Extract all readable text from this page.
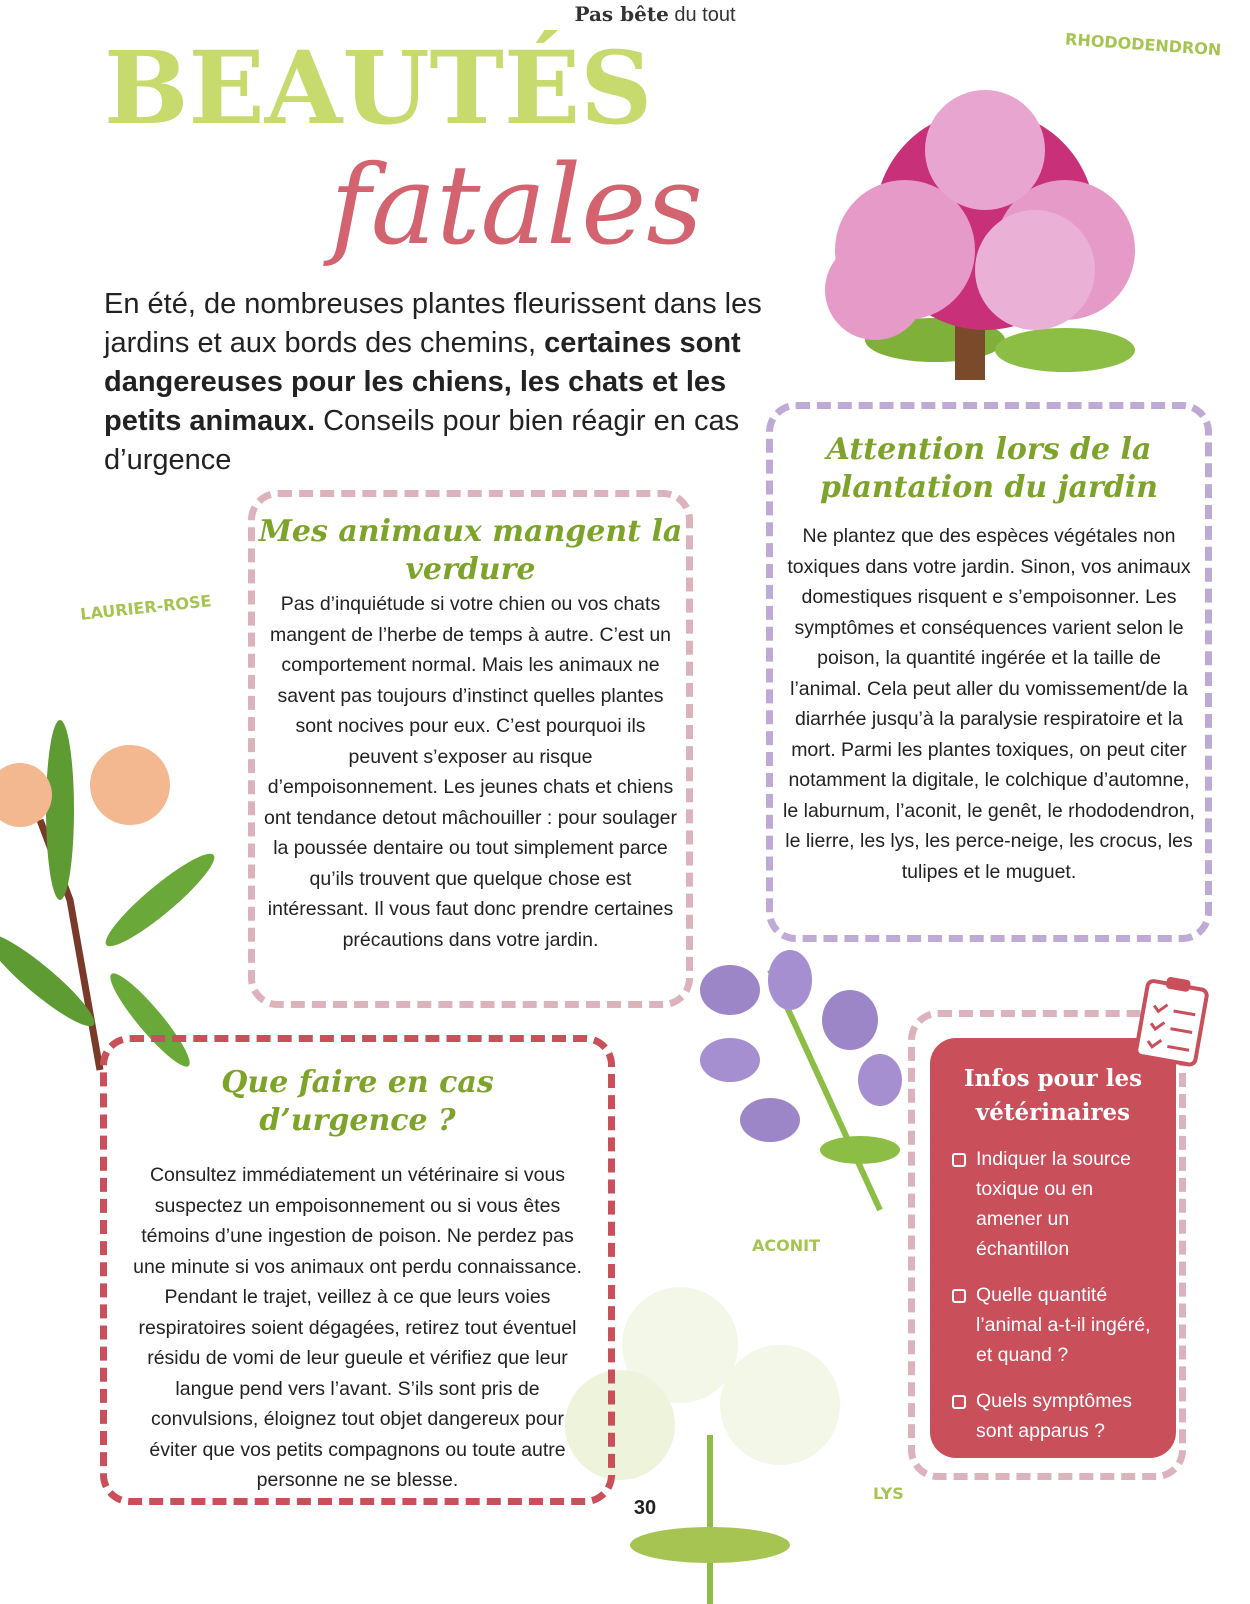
Pas bête du tout
BEAUTÉS
fatales
En été, de nombreuses plantes fleurissent dans les jardins et aux bords des chemins, certaines sont dangereuses pour les chiens, les chats et les petits animaux. Conseils pour bien réagir en cas d’urgence
RHODODENDRON
LAURIER-ROSE
ACONIT
LYS
Mes animaux mangent la verdure
Pas d’inquiétude si votre chien ou vos chats mangent de l’herbe de temps à autre. C’est un comportement normal. Mais les animaux ne savent pas toujours d’instinct quelles plantes sont nocives pour eux. C’est pourquoi ils peuvent s’exposer au risque d’empoisonnement. Les jeunes chats et chiens ont tendance detout mâchouiller : pour soulager la poussée dentaire ou tout simplement parce qu’ils trouvent que quelque chose est intéressant. Il vous faut donc prendre certaines précautions dans votre jardin.
Attention lors de la plantation du jardin
Ne plantez que des espèces végétales non toxiques dans votre jardin. Sinon, vos animaux domestiques risquent e s’empoisonner. Les symptômes et conséquences varient selon le poison, la quantité ingérée et la taille de l’animal. Cela peut aller du vomissement/de la diarrhée jusqu’à la paralysie respiratoire et la mort. Parmi les plantes toxiques, on peut citer notamment la digitale, le colchique d’automne, le laburnum, l’aconit, le genêt, le rhododendron, le lierre, les lys, les perce-neige, les crocus, les tulipes et le muguet.
Que faire en cas d’urgence ?
Consultez immédiatement un vétérinaire si vous suspectez un empoisonnement ou si vous êtes témoins d’une ingestion de poison. Ne perdez pas une minute si vos animaux ont perdu connaissance. Pendant le trajet, veillez à ce que leurs voies respiratoires soient dégagées, retirez tout éventuel résidu de vomi de leur gueule et vérifiez que leur langue pend vers l’avant. S’ils sont pris de convulsions, éloignez tout objet dangereux pour éviter que vos petits compagnons ou toute autre personne ne se blesse.
Infos pour les vétérinaires
Indiquer la source toxique ou en amener un échantillon
Quelle quantité l’animal a-t-il ingéré, et quand ?
Quels symptômes sont apparus ?
30
